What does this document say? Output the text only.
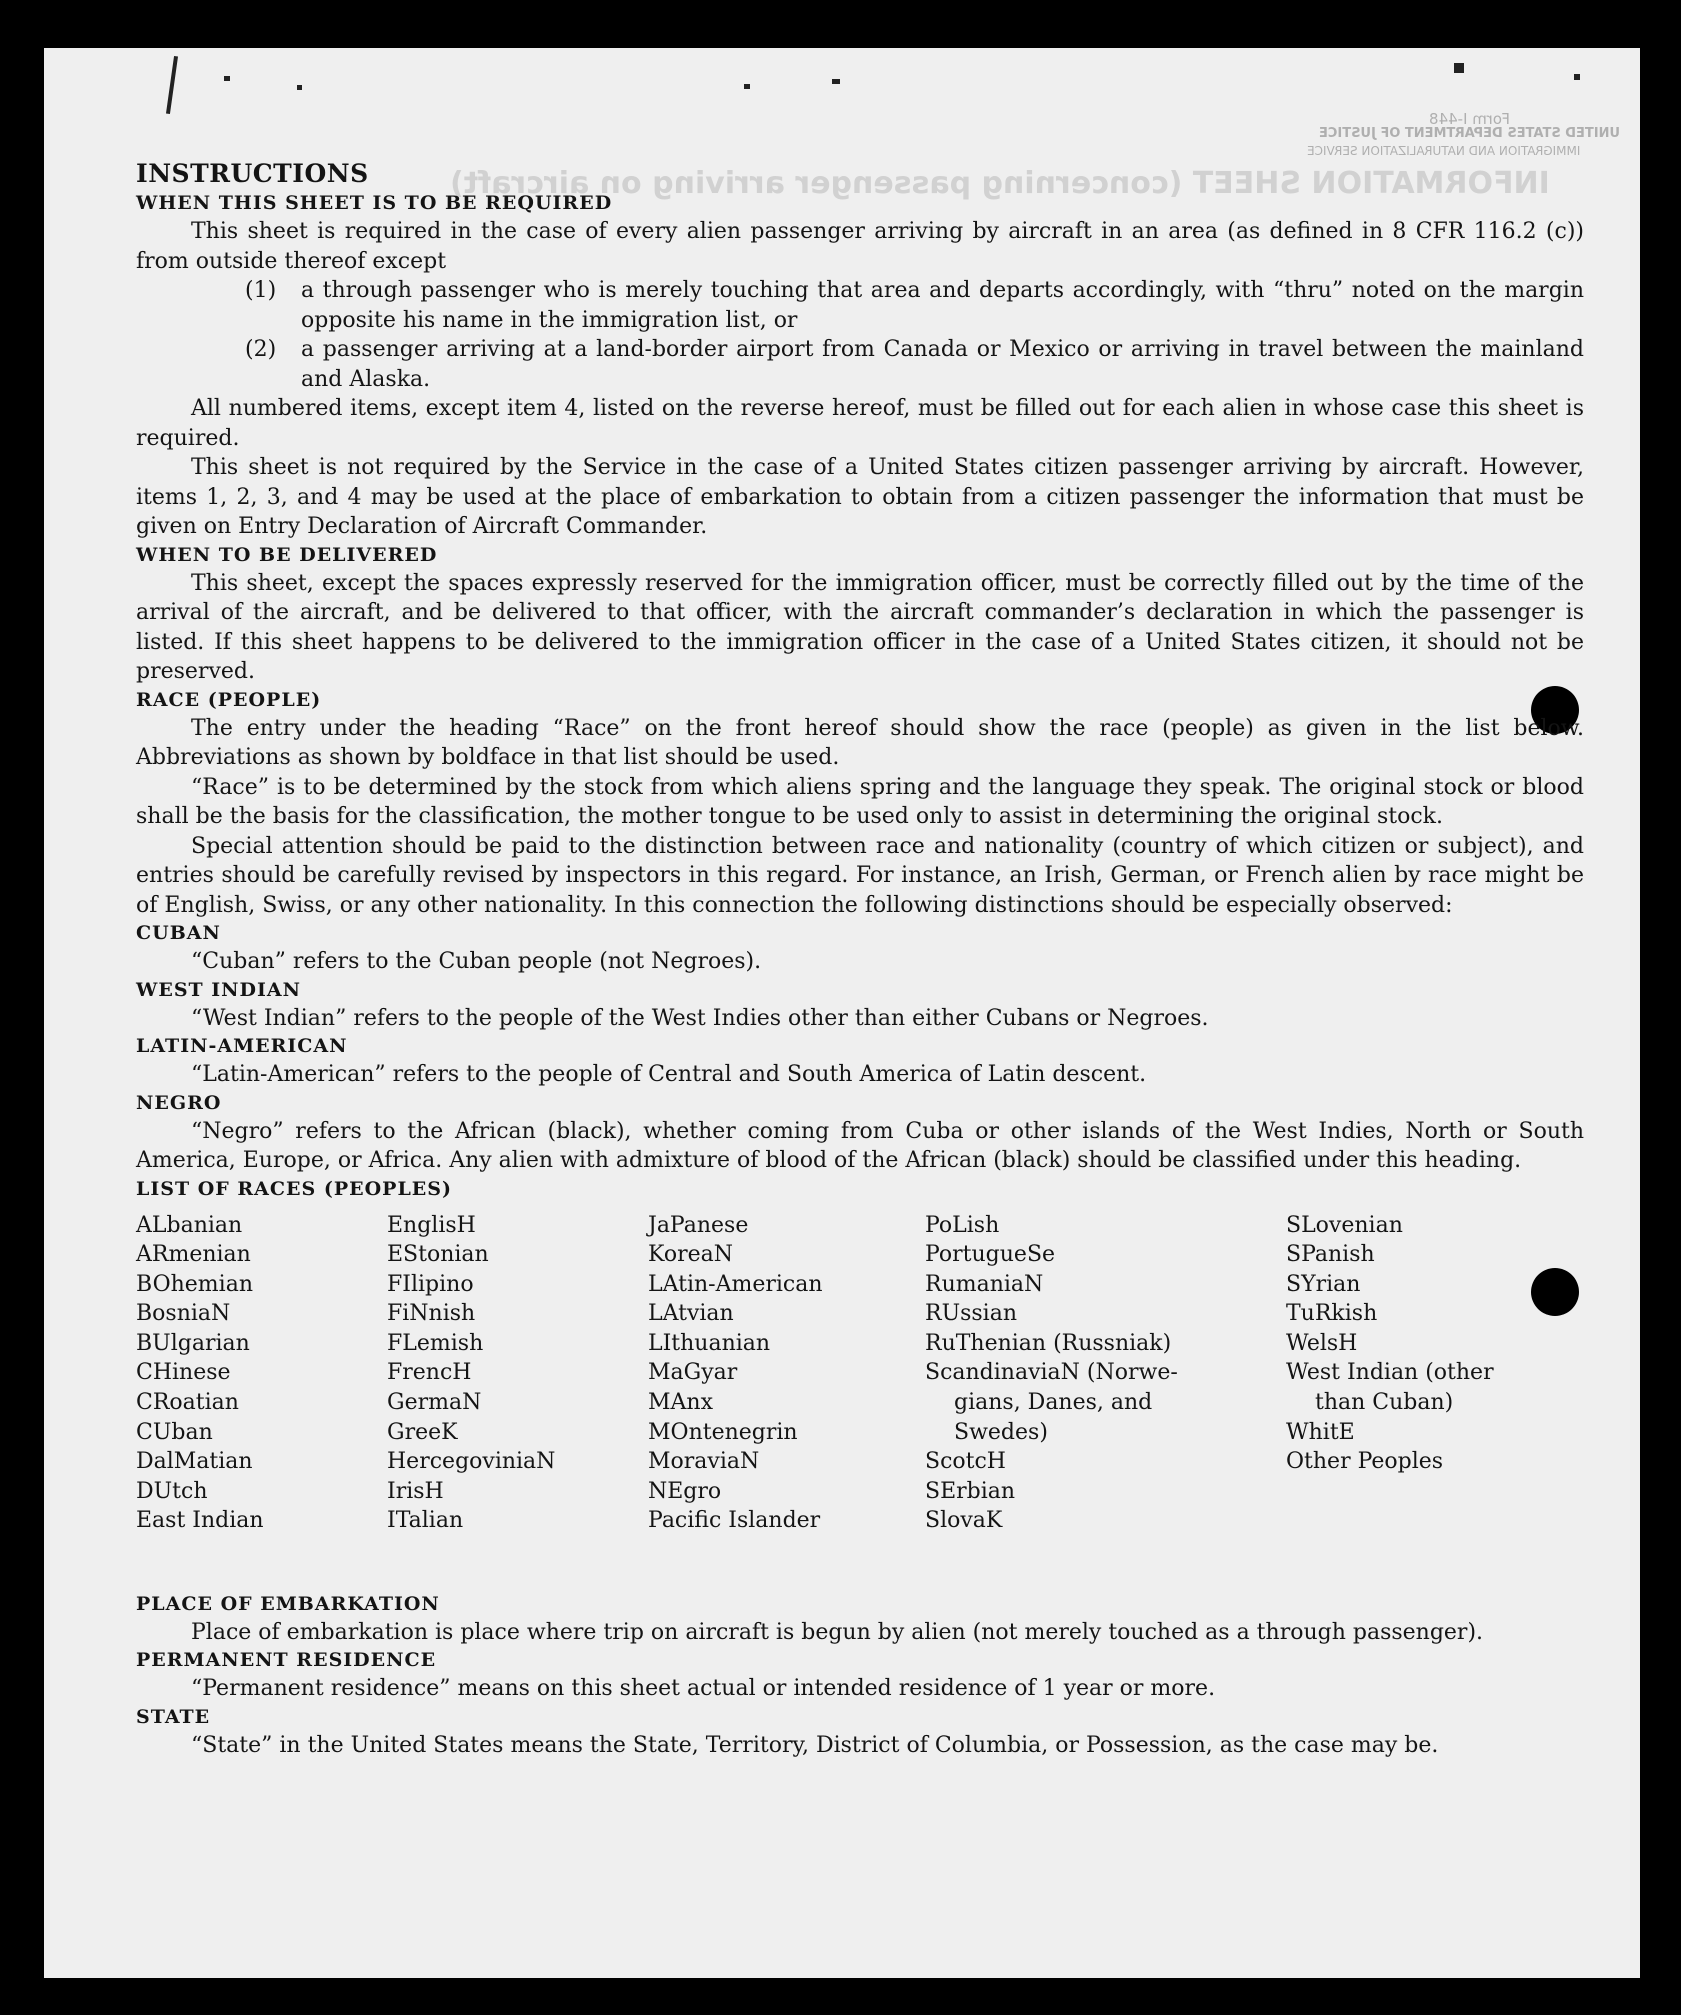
Form I-448
UNITED STATES DEPARTMENT OF JUSTICE
IMMIGRATION AND NATURALIZATION SERVICE
INFORMATION SHEET (concerning passenger arriving on aircraft)

INSTRUCTIONS

WHEN THIS SHEET IS TO BE REQUIRED

This sheet is required in the case of every alien passenger arriving by aircraft in an area (as defined in 8 CFR 116.2 (c)) from outside thereof except

(1)	a through passenger who is merely touching that area and departs accordingly, with “thru” noted on the margin opposite his name in the immigration list, or
(2)	a passenger arriving at a land-border airport from Canada or Mexico or arriving in travel between the mainland and Alaska.

All numbered items, except item 4, listed on the reverse hereof, must be filled out for each alien in whose case this sheet is required.

This sheet is not required by the Service in the case of a United States citizen passenger arriving by aircraft. However, items 1, 2, 3, and 4 may be used at the place of embarkation to obtain from a citizen passenger the information that must be given on Entry Declaration of Aircraft Commander.

WHEN TO BE DELIVERED

This sheet, except the spaces expressly reserved for the immigration officer, must be correctly filled out by the time of the arrival of the aircraft, and be delivered to that officer, with the aircraft commander’s declaration in which the passenger is listed. If this sheet happens to be delivered to the immigration officer in the case of a United States citizen, it should not be preserved.

RACE (PEOPLE)

The entry under the heading “Race” on the front hereof should show the race (people) as given in the list below. Abbreviations as shown by boldface in that list should be used.

“Race” is to be determined by the stock from which aliens spring and the language they speak. The original stock or blood shall be the basis for the classification, the mother tongue to be used only to assist in determining the original stock.

Special attention should be paid to the distinction between race and nationality (country of which citizen or subject), and entries should be carefully revised by inspectors in this regard. For instance, an Irish, German, or French alien by race might be of English, Swiss, or any other nationality. In this connection the following distinctions should be especially observed:

CUBAN

“Cuban” refers to the Cuban people (not Negroes).

WEST INDIAN

“West Indian” refers to the people of the West Indies other than either Cubans or Negroes.

LATIN-AMERICAN

“Latin-American” refers to the people of Central and South America of Latin descent.

NEGRO

“Negro” refers to the African (black), whether coming from Cuba or other islands of the West Indies, North or South America, Europe, or Africa. Any alien with admixture of blood of the African (black) should be classified under this heading.

LIST OF RACES (PEOPLES)

ALbanian
ARmenian
BOhemian
BosniaN
BUlgarian
CHinese
CRoatian
CUban
DalMatian
DUtch
East Indian
EnglisH
EStonian
FIlipino
FiNnish
FLemish
FrencH
GermaN
GreeK
HercegoviniaN
IrisH
ITalian
JaPanese
KoreaN
LAtin-American
LAtvian
LIthuanian
MaGyar
MAnx
MOntenegrin
MoraviaN
NEgro
Pacific Islander
PoLish
PortugueSe
RumaniaN
RUssian
RuThenian (Russniak)
ScandinaviaN (Norwe-
gians, Danes, and
Swedes)
ScotcH
SErbian
SlovaK
SLovenian
SPanish
SYrian
TuRkish
WelsH
West Indian (other
than Cuban)
WhitE
Other Peoples

PLACE OF EMBARKATION

Place of embarkation is place where trip on aircraft is begun by alien (not merely touched as a through passenger).

PERMANENT RESIDENCE

“Permanent residence” means on this sheet actual or intended residence of 1 year or more.

STATE

“State” in the United States means the State, Territory, District of Columbia, or Possession, as the case may be.
